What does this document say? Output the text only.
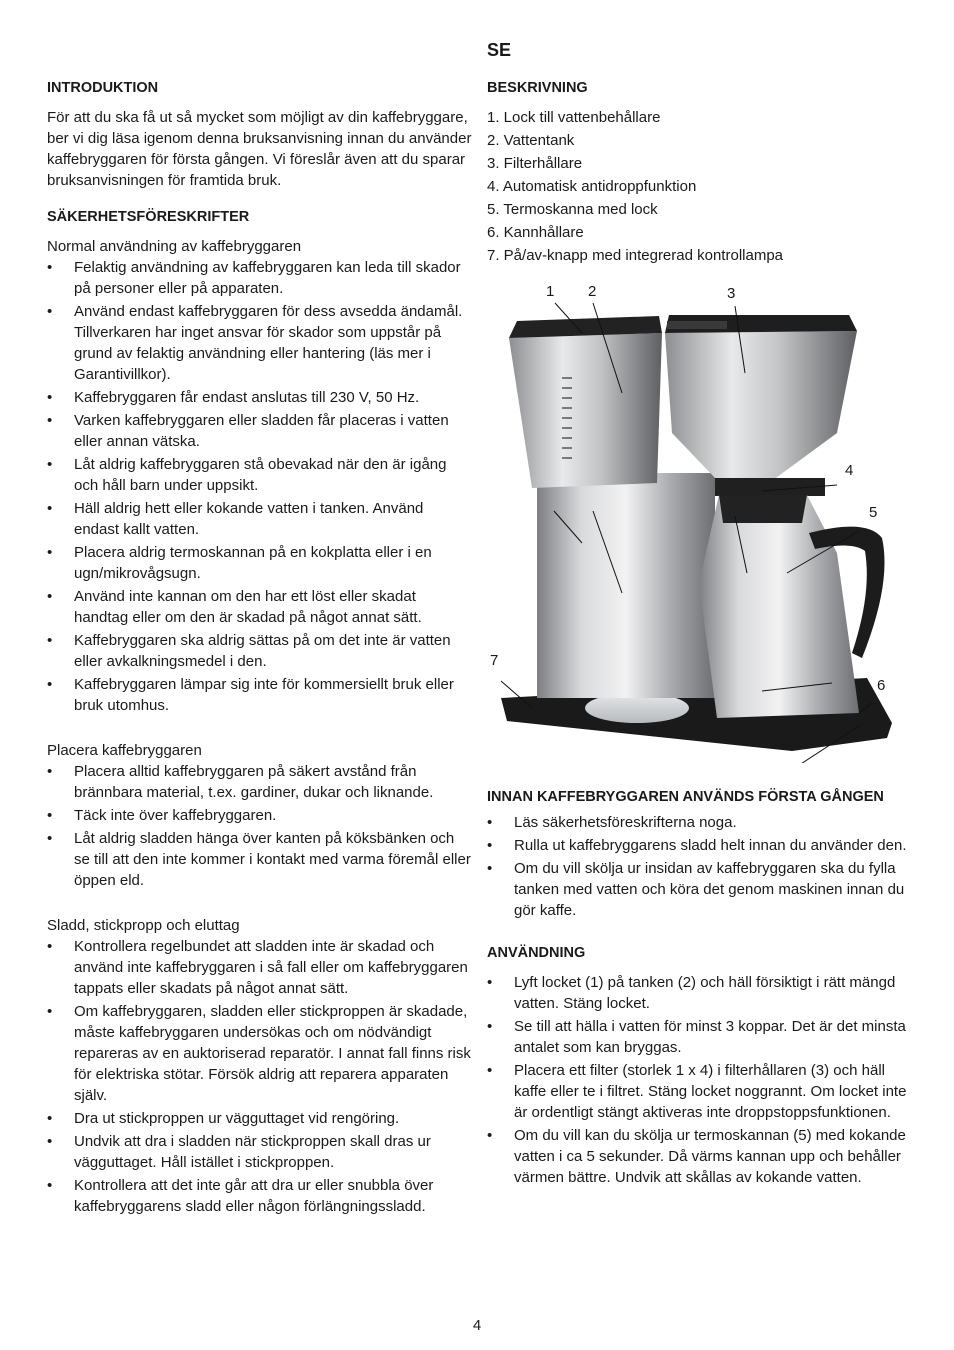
SE
INTRODUKTION

För att du ska få ut så mycket som möjligt av din kaffebryggare, ber vi dig läsa igenom denna bruksanvisning innan du använder kaffebryggaren för första gången. Vi föreslår även att du sparar bruksanvisningen för framtida bruk.

SÄKERHETSFÖRESKRIFTER

Normal användning av kaffebryggaren

• Felaktig användning av kaffebryggaren kan leda till skador på personer eller på apparaten.
• Använd endast kaffebryggaren för dess avsedda ändamål. Tillverkaren har inget ansvar för skador som uppstår på grund av felaktig användning eller hantering (läs mer i Garantivillkor).
• Kaffebryggaren får endast anslutas till 230 V, 50 Hz.
• Varken kaffebryggaren eller sladden får placeras i vatten eller annan vätska.
• Låt aldrig kaffebryggaren stå obevakad när den är igång och håll barn under uppsikt.
• Häll aldrig hett eller kokande vatten i tanken. Använd endast kallt vatten.
• Placera aldrig termoskannan på en kokplatta eller i en ugn/mikrovågsugn.
• Använd inte kannan om den har ett löst eller skadat handtag eller om den är skadad på något annat sätt.
• Kaffebryggaren ska aldrig sättas på om det inte är vatten eller avkalkningsmedel i den.
• Kaffebryggaren lämpar sig inte för kommersiellt bruk eller bruk utomhus.

Placera kaffebryggaren

• Placera alltid kaffebryggaren på säkert avstånd från brännbara material, t.ex. gardiner, dukar och liknande.
• Täck inte över kaffebryggaren.
• Låt aldrig sladden hänga över kanten på köksbänken och se till att den inte kommer i kontakt med varma föremål eller öppen eld.

Sladd, stickpropp och eluttag

• Kontrollera regelbundet att sladden inte är skadad och använd inte kaffebryggaren i så fall eller om kaffebryggaren tappats eller skadats på något annat sätt.
• Om kaffebryggaren, sladden eller stickproppen är skadade, måste kaffebryggaren undersökas och om nödvändigt repareras av en auktoriserad reparatör. I annat fall finns risk för elektriska stötar. Försök aldrig att reparera apparaten själv.
• Dra ut stickproppen ur vägguttaget vid rengöring.
• Undvik att dra i sladden när stickproppen skall dras ur vägguttaget. Håll istället i stickproppen.
• Kontrollera att det inte går att dra ur eller snubbla över kaffebryggarens sladd eller någon förlängningssladd.
BESKRIVNING
1. Lock till vattenbehållare
2. Vattentank
3. Filterhållare
4. Automatisk antidroppfunktion
5. Termoskanna med lock
6. Kannhållare
7. På/av-knapp med integrerad kontrollampa
1 2	3
4
5
6
7
INNAN KAFFEBRYGGAREN ANVÄNDS FÖRSTA GÅNGEN
• Läs säkerhetsföreskrifterna noga.
• Rulla ut kaffebryggarens sladd helt innan du använder den.
• Om du vill skölja ur insidan av kaffebryggaren ska du fylla tanken med vatten och köra det genom maskinen innan du gör kaffe.
ANVÄNDNING
• Lyft locket (1) på tanken (2) och häll försiktigt i rätt mängd vatten. Stäng locket.
• Se till att hälla i vatten för minst 3 koppar. Det är det minsta antalet som kan bryggas.
• Placera ett filter (storlek 1 x 4) i filterhållaren (3) och häll kaffe eller te i filtret. Stäng locket noggrannt. Om locket inte är ordentligt stängt aktiveras inte droppstoppsfunktionen.
• Om du vill kan du skölja ur termoskannan (5) med kokande vatten i ca 5 sekunder. Då värms kannan upp och behåller värmen bättre. Undvik att skållas av kokande vatten.
4
